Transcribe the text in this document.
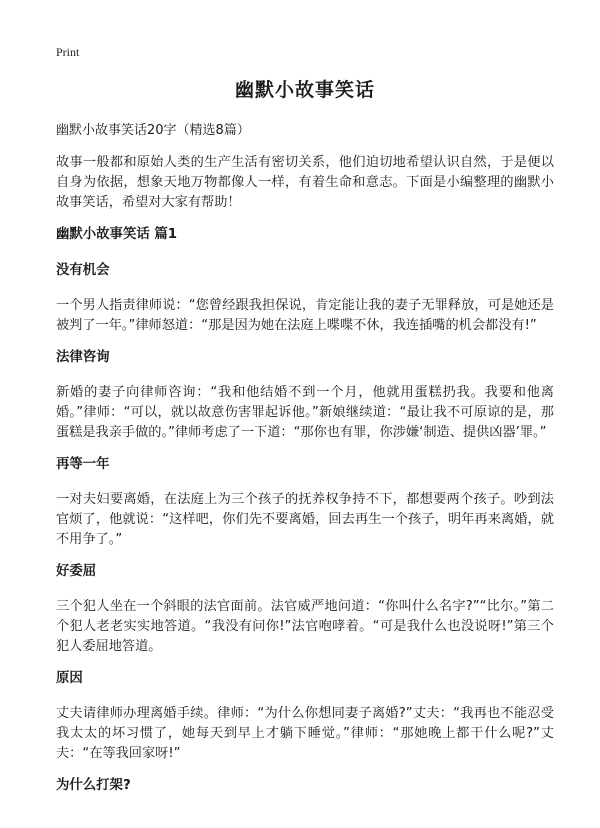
Print
幽默小故事笑话
幽默小故事笑话20字（精选8篇）

故事一般都和原始人类的生产生活有密切关系，他们迫切地希望认识自然，于是便以自身为依据，想象天地万物都像人一样，有着生命和意志。下面是小编整理的幽默小故事笑话，希望对大家有帮助！

幽默小故事笑话 篇1
没有机会

一个男人指责律师说：“您曾经跟我担保说，肯定能让我的妻子无罪释放，可是她还是被判了一年。”律师怒道：“那是因为她在法庭上喋喋不休，我连插嘴的机会都没有!”

法律咨询

新婚的妻子向律师咨询：“我和他结婚不到一个月，他就用蛋糕扔我。我要和他离婚。”律师：“可以，就以故意伤害罪起诉他。”新娘继续道：“最让我不可原谅的是，那蛋糕是我亲手做的。”律师考虑了一下道：“那你也有罪，你涉嫌‘制造、提供凶器’罪。”

再等一年

一对夫妇要离婚，在法庭上为三个孩子的抚养权争持不下，都想要两个孩子。吵到法官烦了，他就说：“这样吧，你们先不要离婚，回去再生一个孩子，明年再来离婚，就不用争了。”

好委屈

三个犯人坐在一个斜眼的法官面前。法官威严地问道：“你叫什么名字?”“比尔。”第二个犯人老老实实地答道。“我没有问你!”法官咆哮着。“可是我什么也没说呀!”第三个犯人委屈地答道。

原因

丈夫请律师办理离婚手续。律师：“为什么你想同妻子离婚?”丈夫：“我再也不能忍受我太太的坏习惯了，她每天到早上才躺下睡觉。”律师：“那她晚上都干什么呢?”丈夫：“在等我回家呀!”

为什么打架?
